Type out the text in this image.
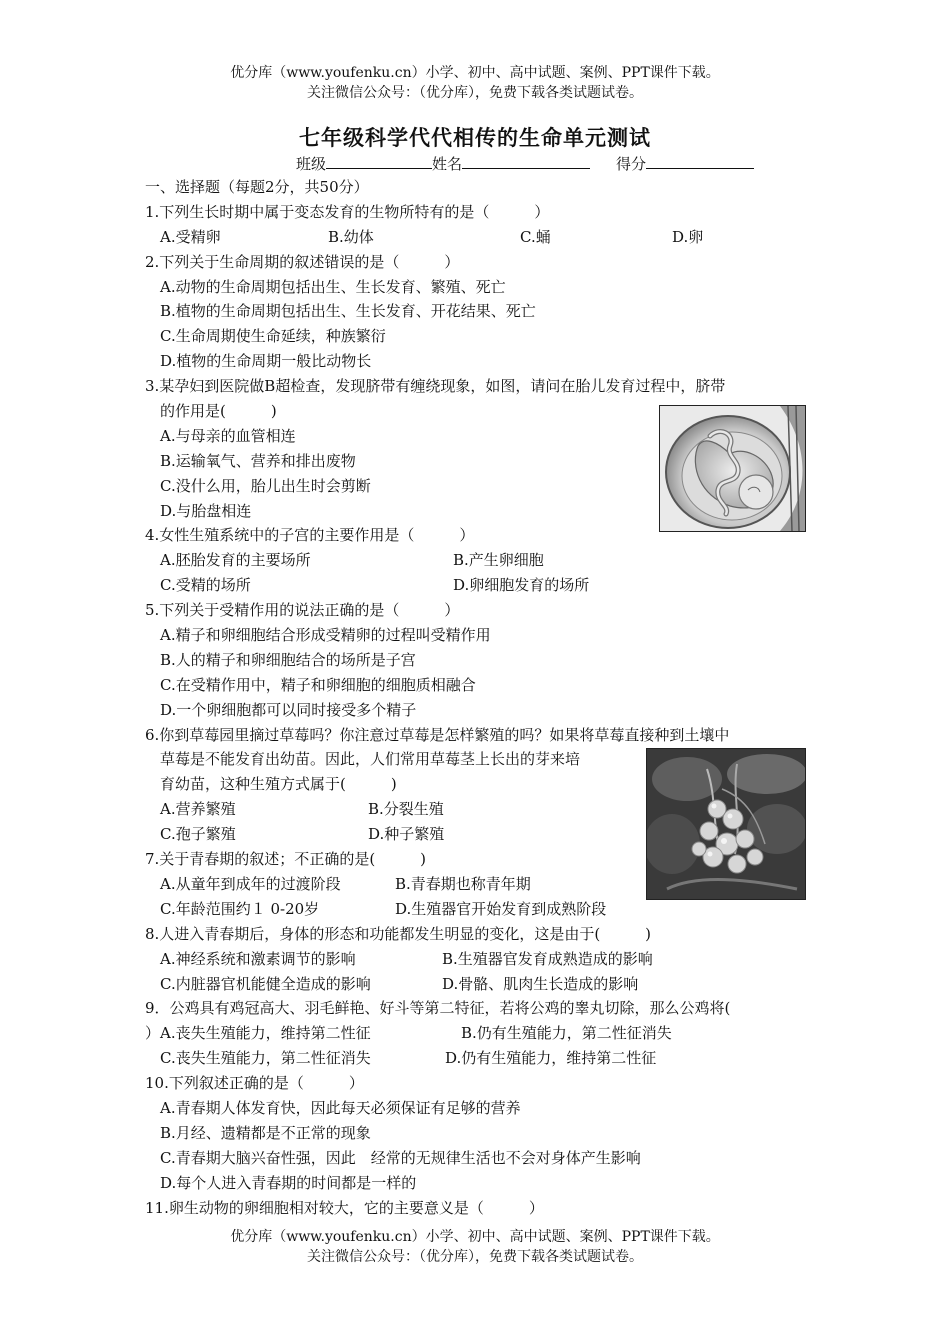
优分库（www.youfenku.cn）小学、初中、高中试题、案例、PPT课件下载。
关注微信公众号：（优分库），免费下载各类试题试卷。
七年级科学代代相传的生命单元测试
班级	姓名	得分
一、选择题（每题2分，共50分）
1.下列生长时期中属于变态发育的生物所特有的是（　　　）
A.受精卵	B.幼体	C.蛹	D.卵
2.下列关于生命周期的叙述错误的是（　　　）
A.动物的生命周期包括出生、生长发育、繁殖、死亡
B.植物的生命周期包括出生、生长发育、开花结果、死亡
C.生命周期使生命延续，种族繁衍
D.植物的生命周期一般比动物长
3.某孕妇到医院做B超检查，发现脐带有缠绕现象，如图，请问在胎儿发育过程中，脐带
的作用是(　　　)
A.与母亲的血管相连
B.运输氧气、营养和排出废物
C.没什么用，胎儿出生时会剪断
D.与胎盘相连
4.女性生殖系统中的子宫的主要作用是（　　　）
A.胚胎发育的主要场所	B.产生卵细胞
C.受精的场所	D.卵细胞发育的场所
5.下列关于受精作用的说法正确的是（　　　）
A.精子和卵细胞结合形成受精卵的过程叫受精作用
B.人的精子和卵细胞结合的场所是子宫
C.在受精作用中，精子和卵细胞的细胞质相融合
D.一个卵细胞都可以同时接受多个精子
6.你到草莓园里摘过草莓吗？你注意过草莓是怎样繁殖的吗？如果将草莓直接种到土壤中
草莓是不能发育出幼苗。因此，人们常用草莓茎上长出的芽来培
育幼苗，这种生殖方式属于(　　　)
A.营养繁殖	B.分裂生殖
C.孢子繁殖	D.种子繁殖
7.关于青春期的叙述；不正确的是(　　　)
A.从童年到成年的过渡阶段	B.青春期也称青年期
C.年龄范围约１ 0-20岁	D.生殖器官开始发育到成熟阶段
8.人进入青春期后，身体的形态和功能都发生明显的变化，这是由于(　　　)
A.神经系统和激素调节的影响	B.生殖器官发育成熟造成的影响
C.内脏器官机能健全造成的影响	D.骨骼、肌肉生长造成的影响
9．公鸡具有鸡冠高大、羽毛鲜艳、好斗等第二特征，若将公鸡的睾丸切除，那么公鸡将(
）A.丧失生殖能力，维持第二性征	B.仍有生殖能力，第二性征消失
C.丧失生殖能力，第二性征消失	D.仍有生殖能力，维持第二性征
10.下列叙述正确的是（　　　）
A.青春期人体发育快，因此每天必须保证有足够的营养
B.月经、遗精都是不正常的现象
C.青春期大脑兴奋性强，因此　经常的无规律生活也不会对身体产生影响
D.每个人进入青春期的时间都是一样的
11.卵生动物的卵细胞相对较大，它的主要意义是（　　　）
优分库（www.youfenku.cn）小学、初中、高中试题、案例、PPT课件下载。
关注微信公众号：（优分库），免费下载各类试题试卷。
